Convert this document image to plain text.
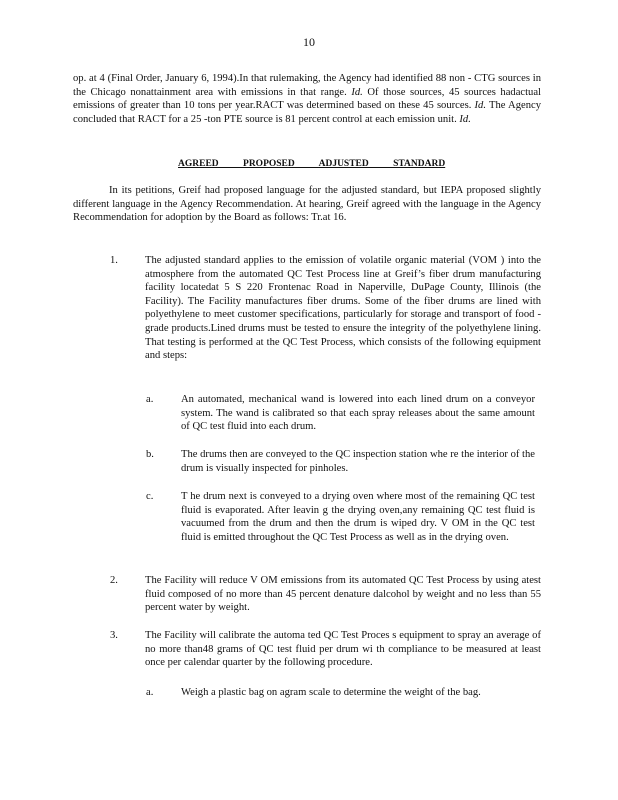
10
op. at 4 (Final Order, January 6, 1994).In that rulemaking, the Agency had identified 88 non - CTG sources in the Chicago nonattainment area with emissions in that range. Id. Of those sources, 45 sources hadactual emissions of greater than 10 tons per year.RACT was determined based on these 45 sources. Id. The Agency concluded that RACT for a 25 -ton PTE source is 81 percent control at each emission unit. Id.
AGREED PROPOSED ADJUSTED STANDARD
In its petitions, Greif had proposed language for the adjusted standard, but IEPA proposed slightly different language in the Agency Recommendation. At hearing, Greif agreed with the language in the Agency Recommendation for adoption by the Board as follows: Tr.at 16.
1.	The adjusted standard applies to the emission of volatile organic material (VOM ) into the atmosphere from the automated QC Test Process line at Greif’s fiber drum manufacturing facility locatedat 5 S 220 Frontenac Road in Naperville, DuPage County, Illinois (the Facility). The Facility manufactures fiber drums. Some of the fiber drums are lined with polyethylene to meet customer specifications, particularly for storage and transport of food -grade products.Lined drums must be tested to ensure the integrity of the polyethylene lining. That testing is performed at the QC Test Process, which consists of the following equipment and steps:
a.	An automated, mechanical wand is lowered into each lined drum on a conveyor system. The wand is calibrated so that each spray releases about the same amount of QC test fluid into each drum.
b.	The drums then are conveyed to the QC inspection station whe re the interior of the drum is visually inspected for pinholes.
c.	T he drum next is conveyed to a drying oven where most of the remaining QC test fluid is evaporated. After leavin g the drying oven,any remaining QC test fluid is vacuumed from the drum and then the drum is wiped dry. V OM in the QC test fluid is emitted throughout the QC Test Process as well as in the drying oven.
2.	The Facility will reduce V OM emissions from its automated QC Test Process by using atest fluid composed of no more than 45 percent denature dalcohol by weight and no less than 55 percent water by weight.
3.	The Facility will calibrate the automa ted QC Test Proces s equipment to spray an average of no more than48 grams of QC test fluid per drum wi th compliance to be measured at least once per calendar quarter by the following procedure.
a.	Weigh a plastic bag on agram scale to determine the weight of the bag.
